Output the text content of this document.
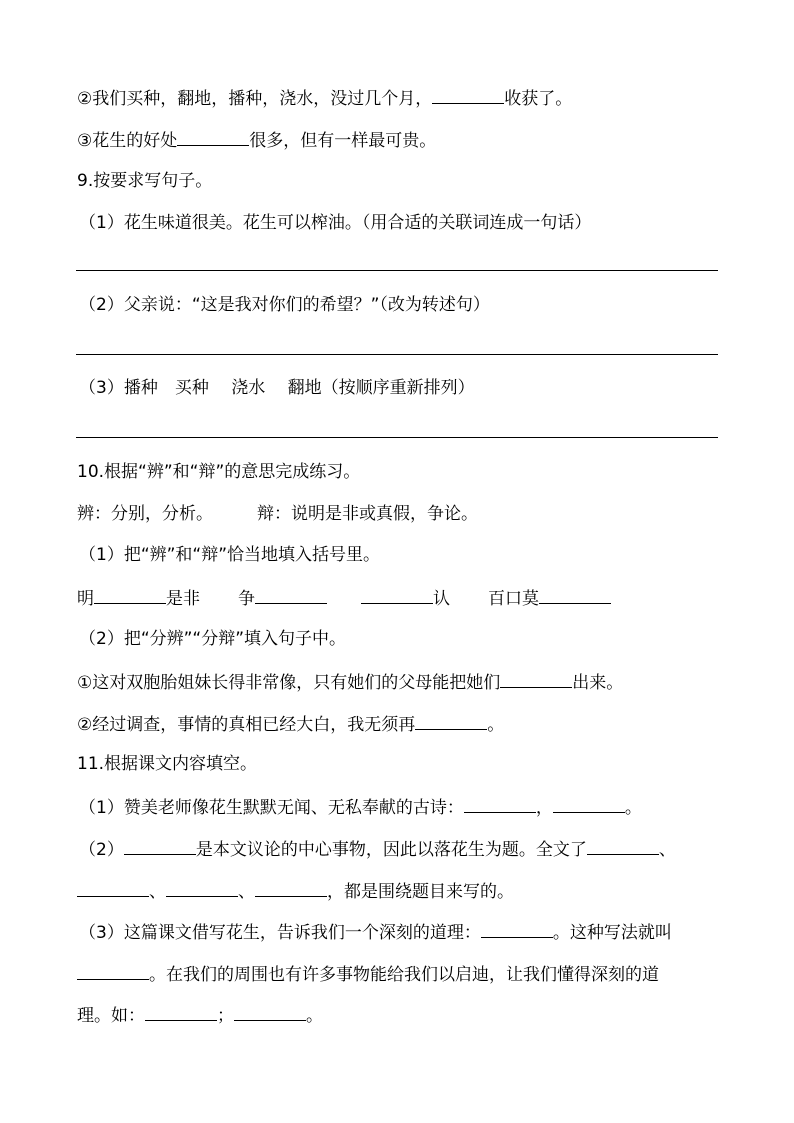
②我们买种，翻地，播种，浇水，没过几个月，	收获了。
③花生的好处	很多，但有一样最可贵。
9.按要求写句子。
（1）花生味道很美。花生可以榨油。（用合适的关联词连成一句话）
（2）父亲说：“这是我对你们的希望？”（改为转述句）
（3）播种　买种　 浇水　 翻地（按顺序重新排列）
10.根据“辨”和“辩”的意思完成练习。
辨：分别，分析。	辩：说明是非或真假，争论。
（1）把“辨”和“辩”恰当地填入括号里。
明	是非 争	认 百口莫
（2）把“分辨”“分辩”填入句子中。
①这对双胞胎姐妹长得非常像，只有她们的父母能把她们	出来。
②经过调查，事情的真相已经大白，我无须再	。
11.根据课文内容填空。
（1）赞美老师像花生默默无闻、无私奉献的古诗：	，	。
（2）	是本文议论的中心事物，因此以落花生为题。全文了	、
、	、	，都是围绕题目来写的。
（3）这篇课文借写花生，告诉我们一个深刻的道理：	。这种写法就叫
。在我们的周围也有许多事物能给我们以启迪，让我们懂得深刻的道
理。如：	；	。
